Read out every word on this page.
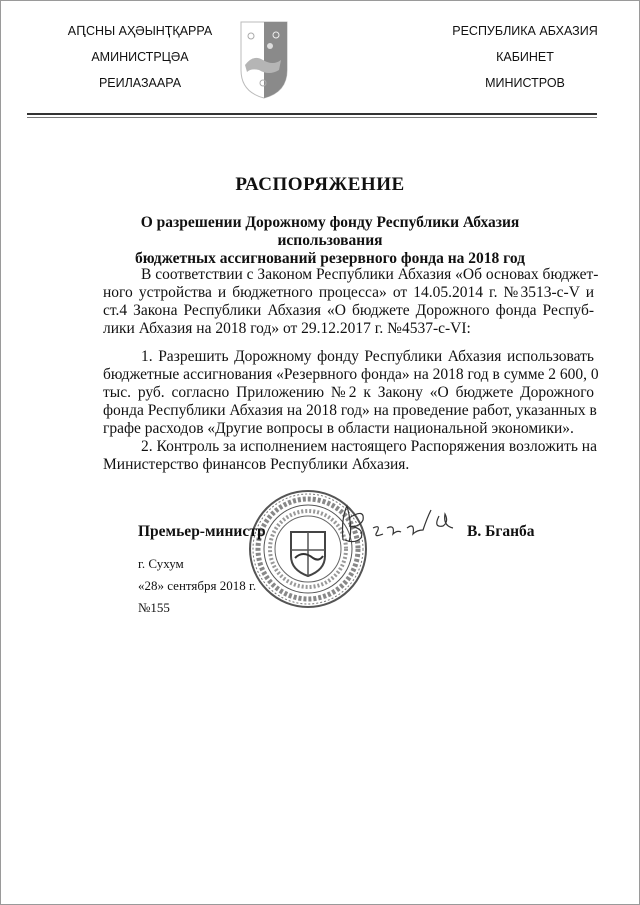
АԤСНЫ АҲӘЫНҬҚАРРА
АМИНИСТРЦӘА
РЕИЛАЗААРА
РЕСПУБЛИКА АБХАЗИЯ
КАБИНЕТ
МИНИСТРОВ
РАСПОРЯЖЕНИЕ
О разрешении Дорожному фонду Республики Абхазия использования
бюджетных ассигнований резервного фонда на 2018 год
В соответствии с Законом Республики Абхазия «Об основах бюджет-
ного устройства и бюджетного процесса» от 14.05.2014 г. №3513-с-V и
ст.4 Закона Республики Абхазия «О бюджете Дорожного фонда Респуб-
лики Абхазия на 2018 год» от 29.12.2017 г. №4537-с-VI:
1. Разрешить Дорожному фонду Республики Абхазия использовать
бюджетные ассигнования «Резервного фонда» на 2018 год в сумме 2 600, 0
тыс. руб. согласно Приложению №2 к Закону «О бюджете Дорожного
фонда Республики Абхазия на 2018 год» на проведение работ, указанных в
графе расходов «Другие вопросы в области национальной экономики».
2. Контроль за исполнением настоящего Распоряжения возложить на
Министерство финансов Республики Абхазия.
Премьер-министр	В. Бганба
г. Сухум
«28» сентября 2018 г.
№155
